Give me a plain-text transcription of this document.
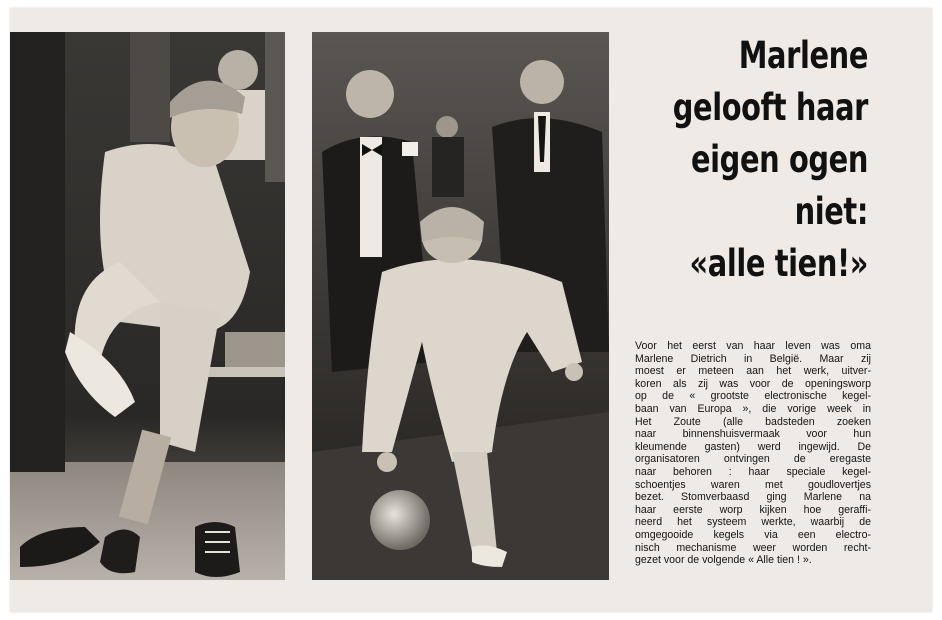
Marlene
gelooft haar
eigen ogen
niet:
«alle tien!»
Voor het eerst van haar leven was oma
Marlene Dietrich in België. Maar zij
moest er meteen aan het werk, uitver-
koren als zij was voor de openingsworp
op de « grootste electronische kegel-
baan van Europa », die vorige week in
Het Zoute (alle badsteden zoeken
naar binnenshuisvermaak voor hun
kleumende gasten) werd ingewijd. De
organisatoren ontvingen de eregaste
naar behoren : haar speciale kegel-
schoentjes waren met goudlovertjes
bezet. Stomverbaasd ging Marlene na
haar eerste worp kijken hoe geraffi-
neerd het systeem werkte, waarbij de
omgegooide kegels via een electro-
nisch mechanisme weer worden recht-
gezet voor de volgende « Alle tien ! ».
